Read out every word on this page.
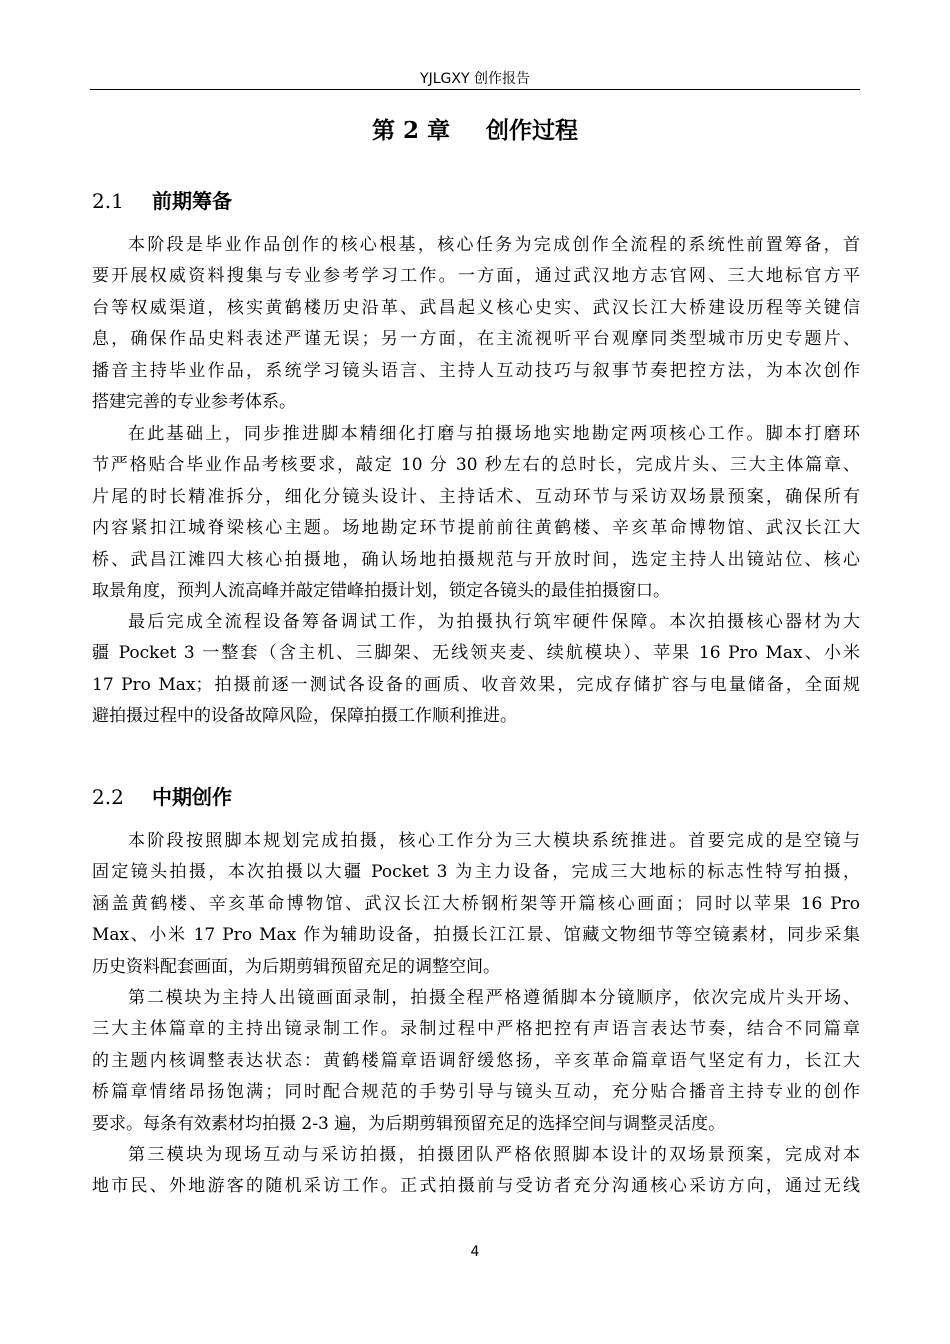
YJLGXY 创作报告
第 2 章 创作过程
2.1 前期筹备
本阶段是毕业作品创作的核心根基，核心任务为完成创作全流程的系统性前置筹备，首
要开展权威资料搜集与专业参考学习工作。一方面，通过武汉地方志官网、三大地标官方平
台等权威渠道，核实黄鹤楼历史沿革、武昌起义核心史实、武汉长江大桥建设历程等关键信
息，确保作品史料表述严谨无误；另一方面，在主流视听平台观摩同类型城市历史专题片、
播音主持毕业作品，系统学习镜头语言、主持人互动技巧与叙事节奏把控方法，为本次创作
搭建完善的专业参考体系。
在此基础上，同步推进脚本精细化打磨与拍摄场地实地勘定两项核心工作。脚本打磨环
节严格贴合毕业作品考核要求，敲定 10 分 30 秒左右的总时长，完成片头、三大主体篇章、
片尾的时长精准拆分，细化分镜头设计、主持话术、互动环节与采访双场景预案，确保所有
内容紧扣江城脊梁核心主题。场地勘定环节提前前往黄鹤楼、辛亥革命博物馆、武汉长江大
桥、武昌江滩四大核心拍摄地，确认场地拍摄规范与开放时间，选定主持人出镜站位、核心
取景角度，预判人流高峰并敲定错峰拍摄计划，锁定各镜头的最佳拍摄窗口。
最后完成全流程设备筹备调试工作，为拍摄执行筑牢硬件保障。本次拍摄核心器材为大
疆 Pocket 3 一整套（含主机、三脚架、无线领夹麦、续航模块）、苹果 16 Pro Max、小米
17 Pro Max；拍摄前逐一测试各设备的画质、收音效果，完成存储扩容与电量储备，全面规
避拍摄过程中的设备故障风险，保障拍摄工作顺利推进。
2.2 中期创作
本阶段按照脚本规划完成拍摄，核心工作分为三大模块系统推进。首要完成的是空镜与
固定镜头拍摄，本次拍摄以大疆 Pocket 3 为主力设备，完成三大地标的标志性特写拍摄，
涵盖黄鹤楼、辛亥革命博物馆、武汉长江大桥钢桁架等开篇核心画面；同时以苹果 16 Pro
Max、小米 17 Pro Max 作为辅助设备，拍摄长江江景、馆藏文物细节等空镜素材，同步采集
历史资料配套画面，为后期剪辑预留充足的调整空间。
第二模块为主持人出镜画面录制，拍摄全程严格遵循脚本分镜顺序，依次完成片头开场、
三大主体篇章的主持出镜录制工作。录制过程中严格把控有声语言表达节奏，结合不同篇章
的主题内核调整表达状态：黄鹤楼篇章语调舒缓悠扬，辛亥革命篇章语气坚定有力，长江大
桥篇章情绪昂扬饱满；同时配合规范的手势引导与镜头互动，充分贴合播音主持专业的创作
要求。每条有效素材均拍摄 2-3 遍，为后期剪辑预留充足的选择空间与调整灵活度。
第三模块为现场互动与采访拍摄，拍摄团队严格依照脚本设计的双场景预案，完成对本
地市民、外地游客的随机采访工作。正式拍摄前与受访者充分沟通核心采访方向，通过无线
4
